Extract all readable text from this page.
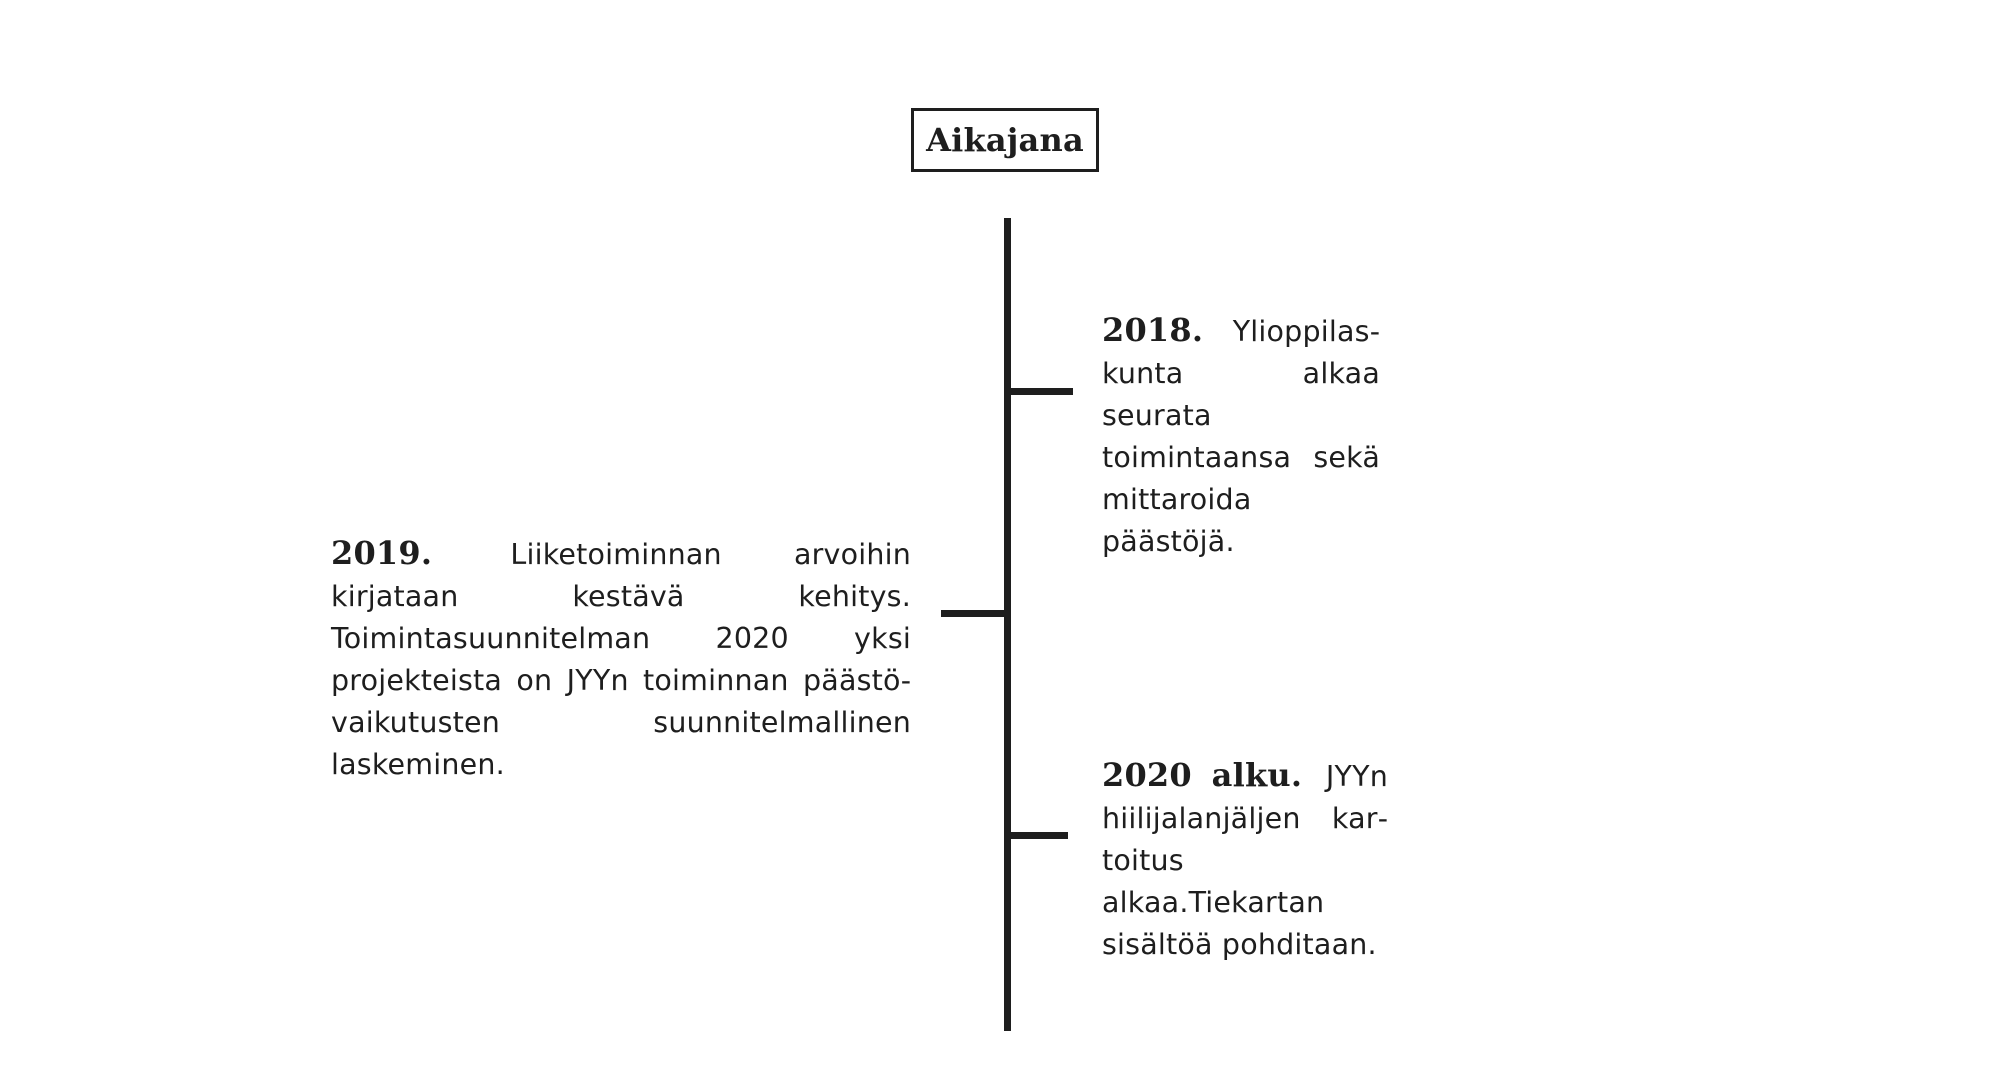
Aikajana
2018. Ylioppilaskunta alkaa seurata toimintaansa sekä mittaroida päästöjä.
2019.	Liiketoiminnan arvoihin kirjataan kestävä kehitys. Toimintasuunnitelman 2020 yksi projekteista on JYYn toiminnan päästövaikutusten suunnitelmallinen laskeminen.	2020 alku. JYYn hiilijalanjäljen kartoitus alkaa.Tiekartan sisältöä pohditaan.
